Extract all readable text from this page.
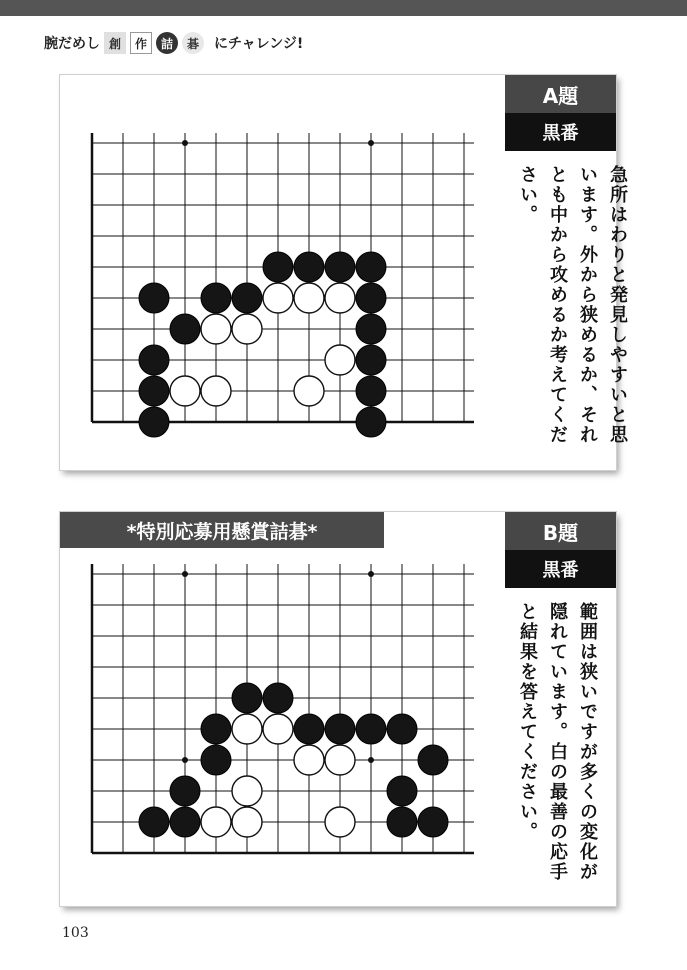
腕だめし 創	作	詰	碁	にチャレンジ!
A題
黒番
急所はわりと発見しやすいと思います。外から狭めるか、それとも中から攻めるか考えてください。
*特別応募用懸賞詰碁*	B題
黒番
範囲は狭いですが多くの変化が隠れています。白の最善の応手と結果を答えてください。
103
